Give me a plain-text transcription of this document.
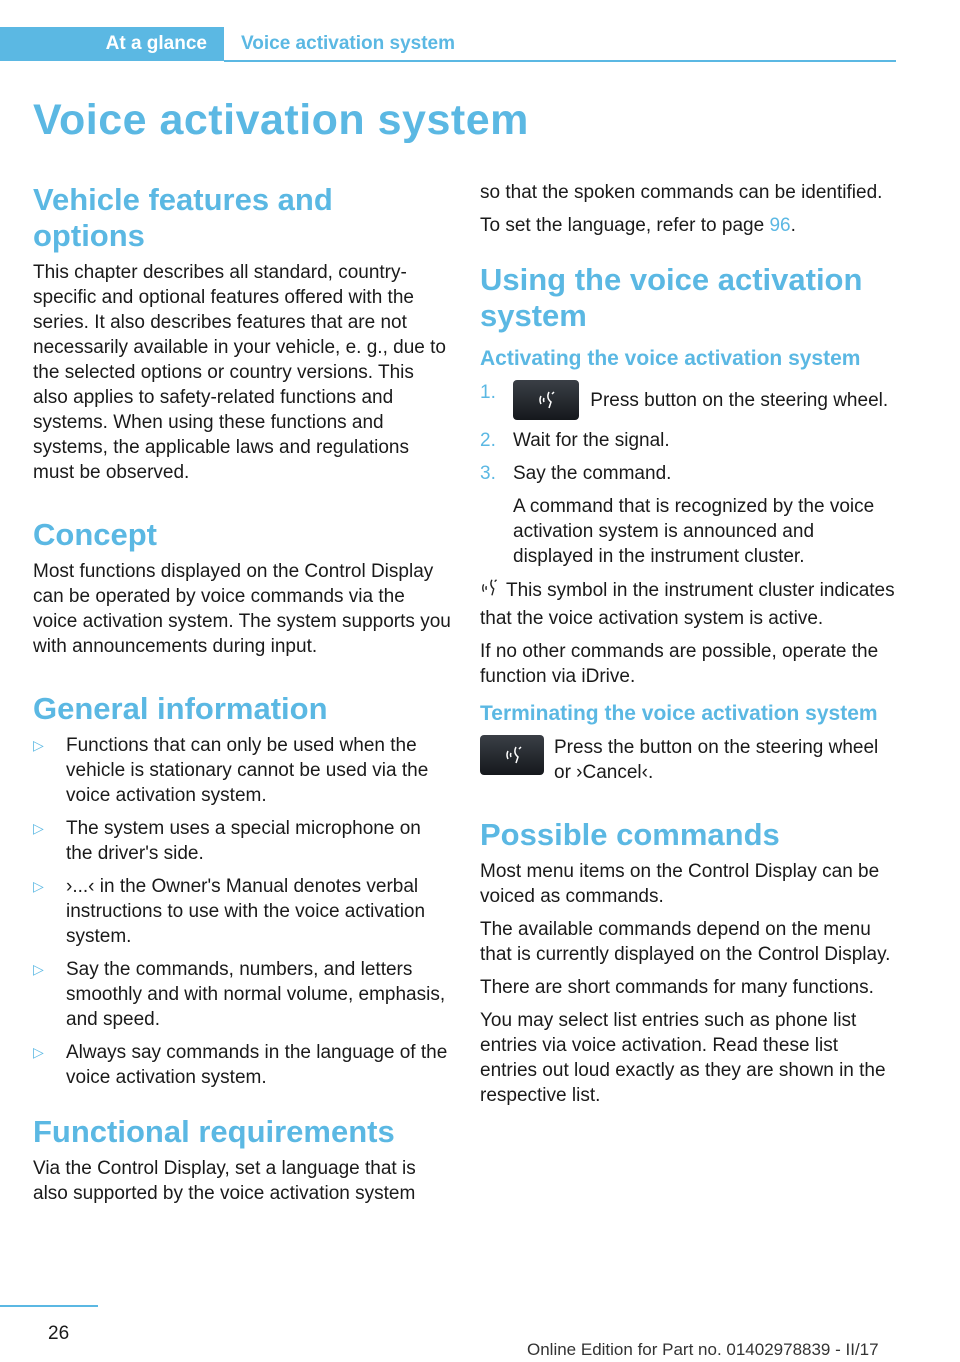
At a glance	Voice activation system
Voice activation system
Vehicle features and options

This chapter describes all standard, country-specific and optional features offered with the series. It also describes features that are not necessarily available in your vehicle, e. g., due to the selected options or country versions. This also applies to safety-related functions and systems. When using these functions and systems, the applicable laws and regulations must be observed.

Concept

Most functions displayed on the Control Display can be operated by voice commands via the voice activation system. The system supports you with announcements during input.

General information
▷	Functions that can only be used when the vehicle is stationary cannot be used via the voice activation system.
▷	The system uses a special microphone on the driver's side.
▷	›...‹ in the Owner's Manual denotes verbal instructions to use with the voice activation system.
▷	Say the commands, numbers, and letters smoothly and with normal volume, emphasis, and speed.
▷	Always say commands in the language of the voice activation system.
Functional requirements

Via the Control Display, set a language that is also supported by the voice activation system

so that the spoken commands can be identified.

To set the language, refer to page 96.

Using the voice activation system
Activating the voice activation system
1.	Press button on the steering wheel.
2. Wait for the signal.
3. Say the command.

A command that is recognized by the voice activation system is announced and displayed in the instrument cluster.

This symbol in the instrument cluster indicates that the voice activation system is active.

If no other commands are possible, operate the function via iDrive.

Terminating the voice activation system

Press the button on the steering wheel or ›Cancel‹.

Possible commands

Most menu items on the Control Display can be voiced as commands.

The available commands depend on the menu that is currently displayed on the Control Display.

There are short commands for many functions.

You may select list entries such as phone list entries via voice activation. Read these list entries out loud exactly as they are shown in the respective list.

26
Online Edition for Part no. 01402978839 - II/17
